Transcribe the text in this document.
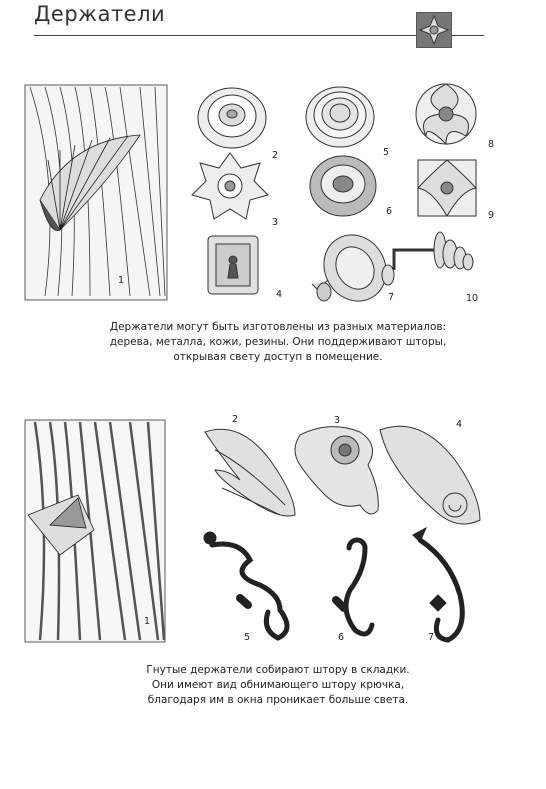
Держатели
1
2
3
4
5
6
7
8
9
10
1
2	3	4
5	6	7
Держатели могут быть изготовлены из разных материалов:
дерева, металла, кожи, резины. Они поддерживают шторы,
открывая свету доступ в помещение.
Гнутые держатели собирают штору в складки.
Они имеют вид обнимающего штору крючка,
благодаря им в окна проникает больше света.
